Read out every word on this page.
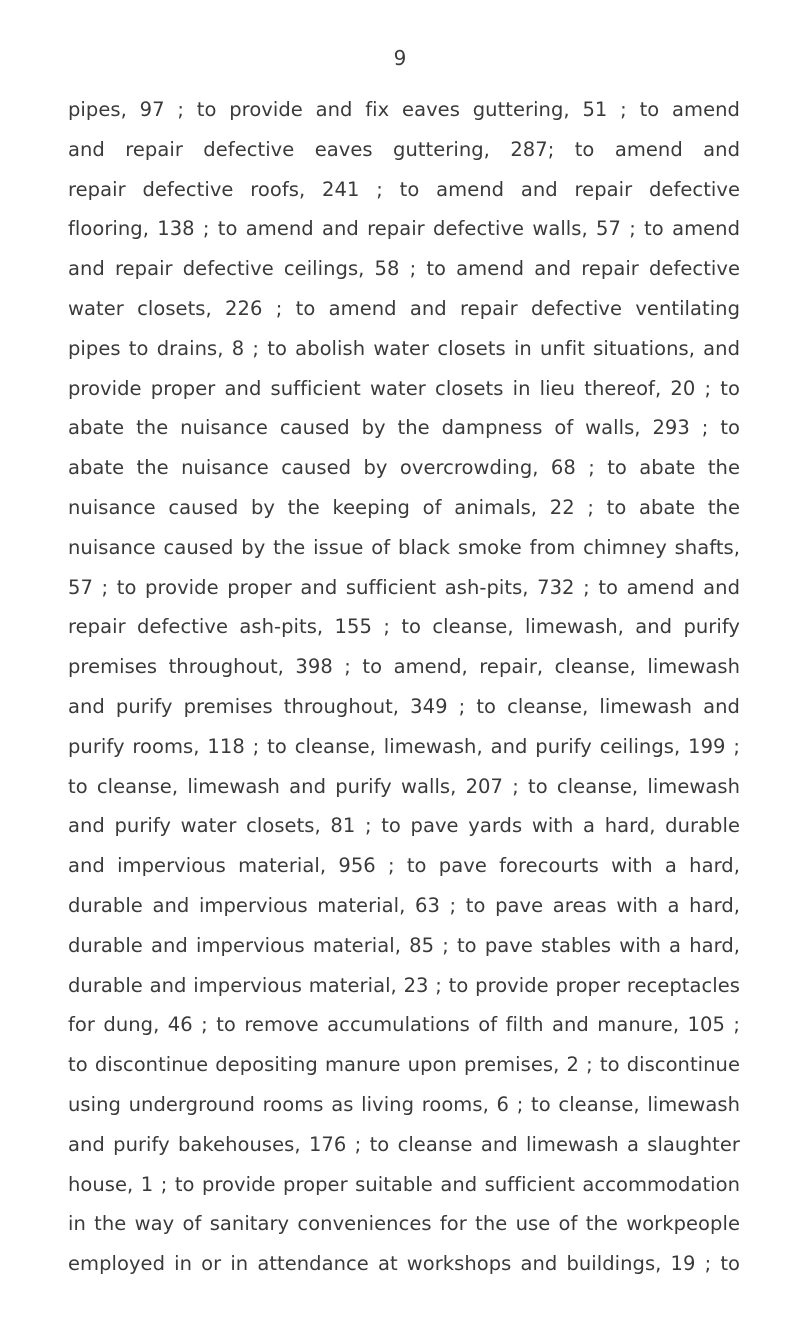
9
pipes, 97 ; to provide and fix eaves guttering, 51 ; to amend
and repair defective eaves guttering, 287; to amend and
repair defective roofs, 241 ; to amend and repair defective
flooring, 138 ; to amend and repair defective walls, 57 ; to amend
and repair defective ceilings, 58 ; to amend and repair defective
water closets, 226 ; to amend and repair defective ventilating
pipes to drains, 8 ; to abolish water closets in unfit situations, and
provide proper and sufficient water closets in lieu thereof, 20 ; to
abate the nuisance caused by the dampness of walls, 293 ; to
abate the nuisance caused by overcrowding, 68 ; to abate the
nuisance caused by the keeping of animals, 22 ; to abate the
nuisance caused by the issue of black smoke from chimney shafts,
57 ; to provide proper and sufficient ash-pits, 732 ; to amend and
repair defective ash-pits, 155 ; to cleanse, limewash, and purify
premises throughout, 398 ; to amend, repair, cleanse, limewash
and purify premises throughout, 349 ; to cleanse, limewash and
purify rooms, 118 ; to cleanse, limewash, and purify ceilings, 199 ;
to cleanse, limewash and purify walls, 207 ; to cleanse, limewash
and purify water closets, 81 ; to pave yards with a hard, durable
and impervious material, 956 ; to pave forecourts with a hard,
durable and impervious material, 63 ; to pave areas with a hard,
durable and impervious material, 85 ; to pave stables with a hard,
durable and impervious material, 23 ; to provide proper receptacles
for dung, 46 ; to remove accumulations of filth and manure, 105 ;
to discontinue depositing manure upon premises, 2 ; to discontinue
using underground rooms as living rooms, 6 ; to cleanse, limewash
and purify bakehouses, 176 ; to cleanse and limewash a slaughter
house, 1 ; to provide proper suitable and sufficient accommodation
in the way of sanitary conveniences for the use of the workpeople
employed in or in attendance at workshops and buildings, 19 ; to
